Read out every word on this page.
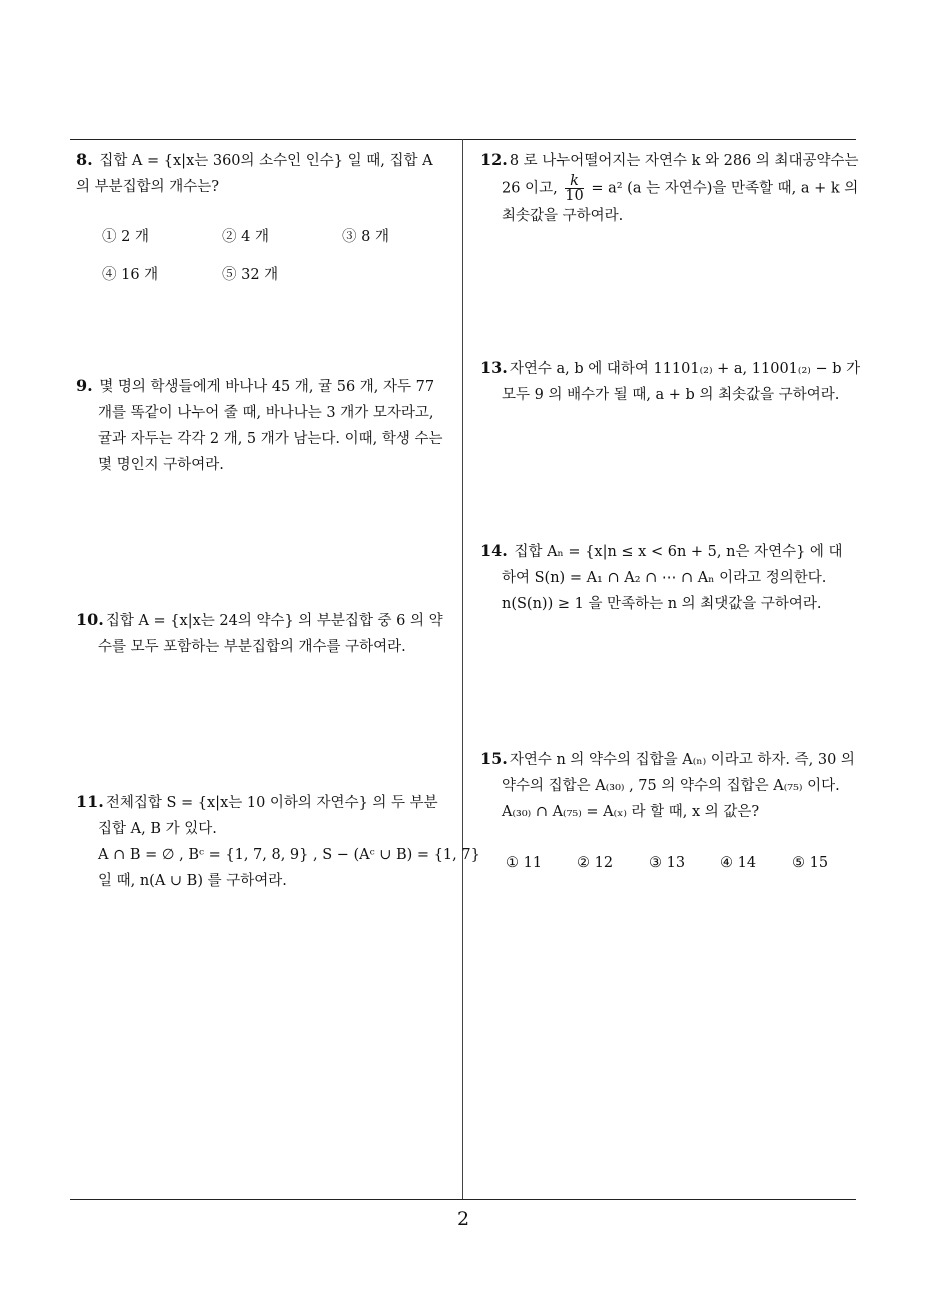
8. 집합 A = {x|x는 360의 소수인 인수} 일 때, 집합 A
의 부분집합의 개수는?
① 2 개	② 4 개	③ 8 개
④ 16 개	⑤ 32 개
9. 몇 명의 학생들에게 바나나 45 개, 귤 56 개, 자두 77
개를 똑같이 나누어 줄 때, 바나나는 3 개가 모자라고,
귤과 자두는 각각 2 개, 5 개가 남는다. 이때, 학생 수는
몇 명인지 구하여라.
10. 집합 A = {x|x는 24의 약수} 의 부분집합 중 6 의 약
수를 모두 포함하는 부분집합의 개수를 구하여라.
11. 전체집합 S = {x|x는 10 이하의 자연수} 의 두 부분
집합 A, B 가 있다.
A ∩ B = ∅ , Bᶜ = {1, 7, 8, 9} , S − (Aᶜ ∪ B) = {1, 7}
일 때, n(A ∪ B) 를 구하여라.
12. 8 로 나누어떨어지는 자연수 k 와 286 의 최대공약수는
26 이고, $\frac{k}{10} = a^2$ (a 는 자연수)을 만족할 때, a + k 의
최솟값을 구하여라.
13. 자연수 a, b 에 대하여 11101₍₂₎ + a, 11001₍₂₎ − b 가
모두 9 의 배수가 될 때, a + b 의 최솟값을 구하여라.
14. 집합 Aₙ = {x|n ≤ x < 6n + 5, n은 자연수} 에 대
하여 S(n) = A₁ ∩ A₂ ∩ ⋯ ∩ Aₙ 이라고 정의한다.
n(S(n)) ≥ 1 을 만족하는 n 의 최댓값을 구하여라.
15. 자연수 n 의 약수의 집합을 A₍ₙ₎ 이라고 하자. 즉, 30 의
약수의 집합은 A₍₃₀₎ , 75 의 약수의 집합은 A₍₇₅₎ 이다.
A₍₃₀₎ ∩ A₍₇₅₎ = A₍ₓ₎ 라 할 때, x 의 값은?
① 11 ② 12 ③ 13 ④ 14 ⑤ 15
2
